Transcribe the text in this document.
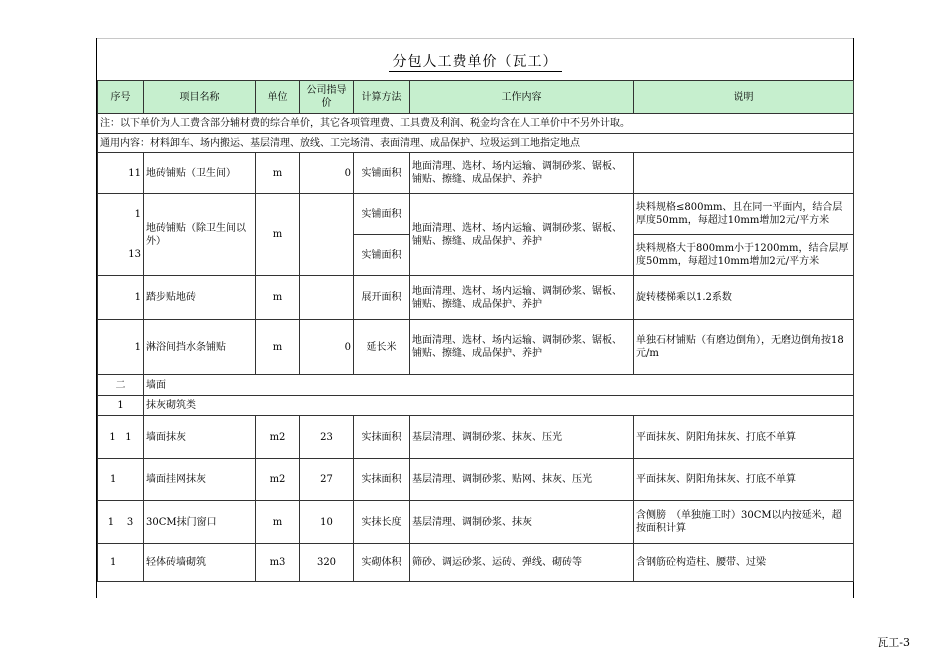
分包人工费单价（瓦工）
序号	项目名称	单位	公司指导价	计算方法	工作内容	说明
注：以下单价为人工费含部分辅材费的综合单价，其它各项管理费、工具费及利润、税金均含在人工单价中不另外计取。						
通用内容：材料卸车、场内搬运、基层清理、放线、工完场清、表面清理、成品保护、垃圾运到工地指定地点						
11	地砖铺贴（卫生间）	m	0	实铺面积	地面清理、选材、场内运输、调制砂浆、锯板、铺贴、擦缝、成品保护、养护	
1	地砖铺贴（除卫生间以外）	m		实铺面积	地面清理、选材、场内运输、调制砂浆、锯板、铺贴、擦缝、成品保护、养护	块料规格≤800mm、且在同一平面内，结合层厚度50mm，每超过10mm增加2元/平方米
13				实铺面积		块料规格大于800mm小于1200mm，结合层厚度50mm，每超过10mm增加2元/平方米
1	踏步贴地砖	m		展开面积	地面清理、选材、场内运输、调制砂浆、锯板、铺贴、擦缝、成品保护、养护	旋转楼梯乘以1.2系数
1	淋浴间挡水条铺贴	m	0	延长米	地面清理、选材、场内运输、调制砂浆、锯板、铺贴、擦缝、成品保护、养护	单独石材铺贴（有磨边倒角），无磨边倒角按18元/m
二	墙面					
1	抹灰砌筑类					
1   1	墙面抹灰	m2	23	实抹面积	基层清理、调制砂浆、抹灰、压光	平面抹灰、阴阳角抹灰、打底不单算
1	墙面挂网抹灰	m2	27	实抹面积	基层清理、调制砂浆、贴网、抹灰、压光	平面抹灰、阴阳角抹灰、打底不单算
1    3	30CM抹门窗口	m	10	实抹长度	基层清理、调制砂浆、抹灰	含侧膀　（单独施工时）30CM以内按延米，超按面积计算
1	轻体砖墙砌筑	m3	320	实砌体积	筛砂、调运砂浆、运砖、弹线、砌砖等	含钢筋砼构造柱、腰带、过梁
瓦工-3
